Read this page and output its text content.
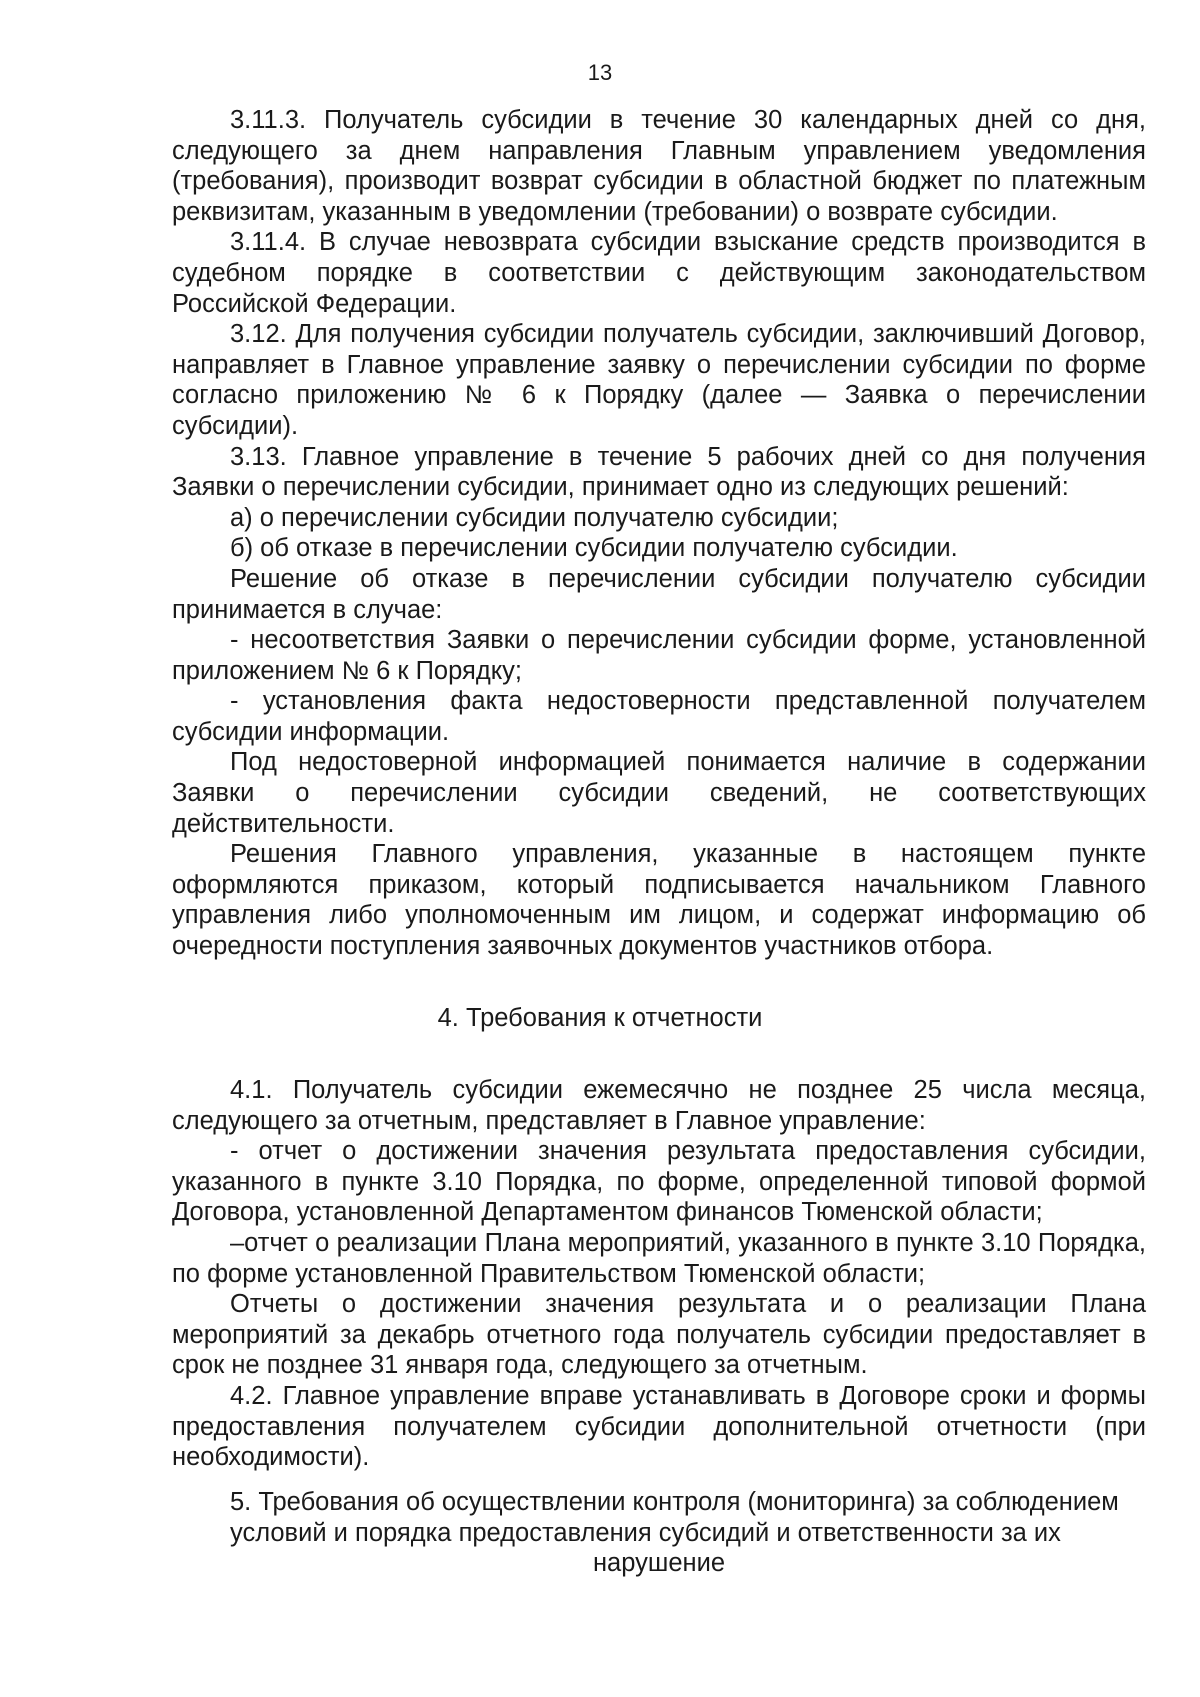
13

3.11.3. Получатель субсидии в течение 30 календарных дней со дня, следующего за днем направления Главным управлением уведомления (требования), производит возврат субсидии в областной бюджет по платежным реквизитам, указанным в уведомлении (требовании) о возврате субсидии.

3.11.4. В случае невозврата субсидии взыскание средств производится в судебном порядке в соответствии с действующим законодательством Российской Федерации.

3.12. Для получения субсидии получатель субсидии, заключивший Договор, направляет в Главное управление заявку о перечислении субсидии по форме согласно приложению № 6 к Порядку (далее — Заявка о перечислении субсидии).

3.13. Главное управление в течение 5 рабочих дней со дня получения Заявки о перечислении субсидии, принимает одно из следующих решений:

а) о перечислении субсидии получателю субсидии;

б) об отказе в перечислении субсидии получателю субсидии.

Решение об отказе в перечислении субсидии получателю субсидии принимается в случае:

- несоответствия Заявки о перечислении субсидии форме, установленной приложением № 6 к Порядку;

- установления факта недостоверности представленной получателем субсидии информации.

Под недостоверной информацией понимается наличие в содержании Заявки о перечислении субсидии сведений, не соответствующих действительности.

Решения Главного управления, указанные в настоящем пункте оформляются приказом, который подписывается начальником Главного управления либо уполномоченным им лицом, и содержат информацию об очередности поступления заявочных документов участников отбора.

4. Требования к отчетности

4.1. Получатель субсидии ежемесячно не позднее 25 числа месяца, следующего за отчетным, представляет в Главное управление:

- отчет о достижении значения результата предоставления субсидии, указанного в пункте 3.10 Порядка, по форме, определенной типовой формой Договора, установленной Департаментом финансов Тюменской области;

–отчет о реализации Плана мероприятий, указанного в пункте 3.10 Порядка, по форме установленной Правительством Тюменской области;

Отчеты о достижении значения результата и о реализации Плана мероприятий за декабрь отчетного года получатель субсидии предоставляет в срок не позднее 31 января года, следующего за отчетным.

4.2. Главное управление вправе устанавливать в Договоре сроки и формы предоставления получателем субсидии дополнительной отчетности (при необходимости).

5. Требования об осуществлении контроля (мониторинга) за соблюдением
условий и порядка предоставления субсидий и ответственности за их
нарушение
